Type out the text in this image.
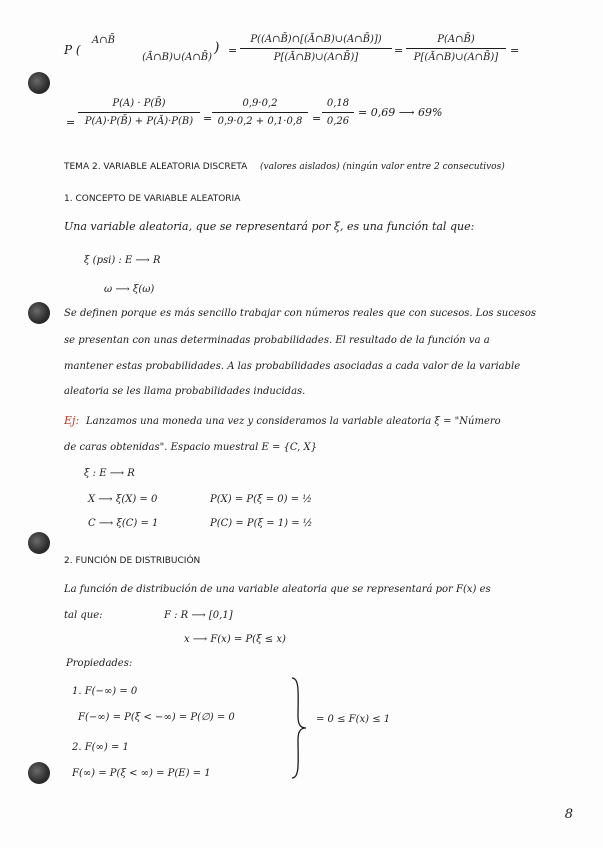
P (
A∩B̄
(Ā∩B)∪(A∩B̄)
) =
P((A∩B̄)∩[(Ā∩B)∪(A∩B̄)])
P[(Ā∩B)∪(A∩B̄)]
=
P(A∩B̄)
P[(Ā∩B)∪(A∩B̄)]
=
=
P(A) · P(B̄)
P(A)·P(B̄) + P(Ā)·P(B) =
0,9·0,2
0,9·0,2 + 0,1·0,8 =
0,18
0,26
= 0,69 ⟶ 69%
TEMA 2. VARIABLE ALEATORIA DISCRETA (valores aislados) (ningún valor entre 2 consecutivos)
1. CONCEPTO DE VARIABLE ALEATORIA
Una variable aleatoria, que se representará por ξ, es una función tal que:
ξ (psi) : E ⟶ R
ω ⟶ ξ(ω)
Se definen porque es más sencillo trabajar con números reales que con sucesos. Los sucesos
se presentan con unas determinadas probabilidades. El resultado de la función va a
mantener estas probabilidades. A las probabilidades asociadas a cada valor de la variable
aleatoria se les llama probabilidades inducidas.
Ej: Lanzamos una moneda una vez y consideramos la variable aleatoria ξ = "Número
de caras obtenidas". Espacio muestral E = {C, X}
ξ : E ⟶ R
X ⟶ ξ(X) = 0	P(X) = P(ξ = 0) = ½
C ⟶ ξ(C) = 1	P(C) = P(ξ = 1) = ½
2. FUNCIÓN DE DISTRIBUCIÓN
La función de distribución de una variable aleatoria que se representará por F(x) es
tal que:	F : R ⟶ [0,1]
x ⟶ F(x) = P(ξ ≤ x)
Propiedades:
1. F(−∞) = 0
F(−∞) = P(ξ < −∞) = P(∅) = 0
2. F(∞) = 1
F(∞) = P(ξ < ∞) = P(E) = 1
= 0 ≤ F(x) ≤ 1
8
